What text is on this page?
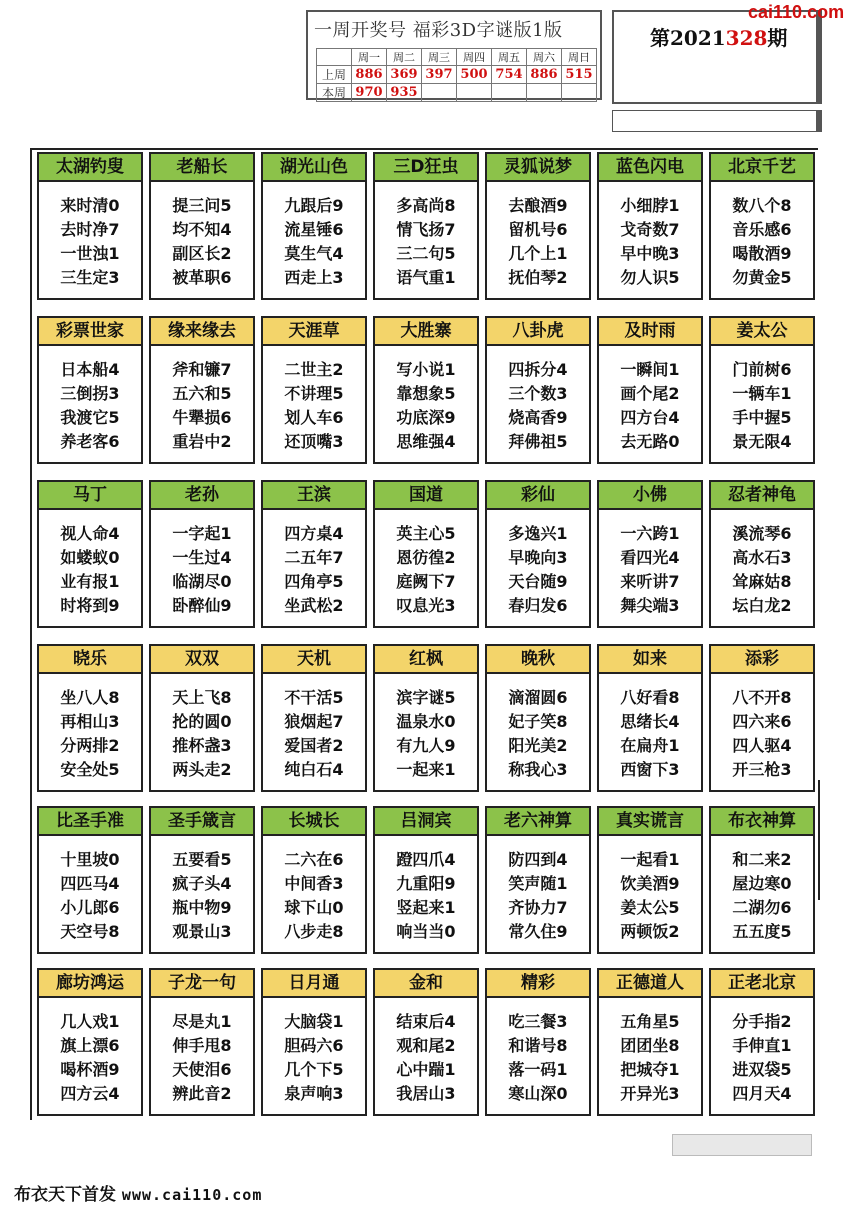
一周开奖号 福彩3D字谜版1版
	周一	周二	周三	周四	周五	周六	周日
上周	886	369	397	500	754	886	515
本周	970	935					
第2021328期
cai110.com
太湖钓叟
来时清0
去时净7
一世浊1
三生定3
老船长
提三问5
均不知4
副区长2
被革职6
湖光山色
九跟后9
流星锤6
莫生气4
西走上3
三D狂虫
多高尚8
情飞扬7
三二句5
语气重1
灵狐说梦
去酿酒9
留机号6
几个上1
抚伯琴2
蓝色闪电
小细脖1
戈奇数7
早中晚3
勿人识5
北京千艺
数八个8
音乐感6
喝散酒9
勿黄金5
彩票世家
日本船4
三倒拐3
我渡它5
养老客6
缘来缘去
斧和镰7
五六和5
牛犟损6
重岩中2
天涯草
二世主2
不讲理5
划人车6
还顶嘴3
大胜寨
写小说1
靠想象5
功底深9
思维强4
八卦虎
四拆分4
三个数3
烧高香9
拜佛祖5
及时雨
一瞬间1
画个尾2
四方台4
去无路0
姜太公
门前树6
一辆车1
手中握5
景无限4
马丁
视人命4
如蝼蚁0
业有报1
时将到9
老孙
一字起1
一生过4
临湖尽0
卧醉仙9
王滨
四方桌4
二五年7
四角亭5
坐武松2
国道
英主心5
恩彷徨2
庭阙下7
叹息光3
彩仙
多逸兴1
早晚向3
天台随9
春归发6
小佛
一六跨1
看四光4
来听讲7
舞尖端3
忍者神龟
溪流琴6
高水石3
耸麻姑8
坛白龙2
晓乐
坐八人8
再相山3
分两排2
安全处5
双双
天上飞8
抡的圆0
推杯盏3
两头走2
天机
不干活5
狼烟起7
爱国者2
纯白石4
红枫
滨字谜5
温泉水0
有九人9
一起来1
晚秋
滴溜圆6
妃子笑8
阳光美2
称我心3
如来
八好看8
思绪长4
在扁舟1
西窗下3
添彩
八不开8
四六来6
四人驱4
开三枪3
比圣手准
十里坡0
四匹马4
小儿郎6
天空号8
圣手箴言
五要看5
疯子头4
瓶中物9
观景山3
长城长
二六在6
中间香3
球下山0
八步走8
吕洞宾
蹬四爪4
九重阳9
竖起来1
响当当0
老六神算
防四到4
笑声随1
齐协力7
常久住9
真实谎言
一起看1
饮美酒9
姜太公5
两顿饭2
布衣神算
和二来2
屋边寒0
二湖勿6
五五度5
廊坊鸿运
几人戏1
旗上漂6
喝杯酒9
四方云4
子龙一句
尽是丸1
伸手甩8
天使泪6
辨此音2
日月通
大脑袋1
胆码六6
几个下5
泉声响3
金和
结束后4
观和尾2
心中踹1
我居山3
精彩
吃三餐3
和谐号8
落一码1
寒山深0
正德道人
五角星5
团团坐8
把城夺1
开异光3
正老北京
分手指2
手伸直1
进双袋5
四月天4
布衣天下首发 www.cai110.com
